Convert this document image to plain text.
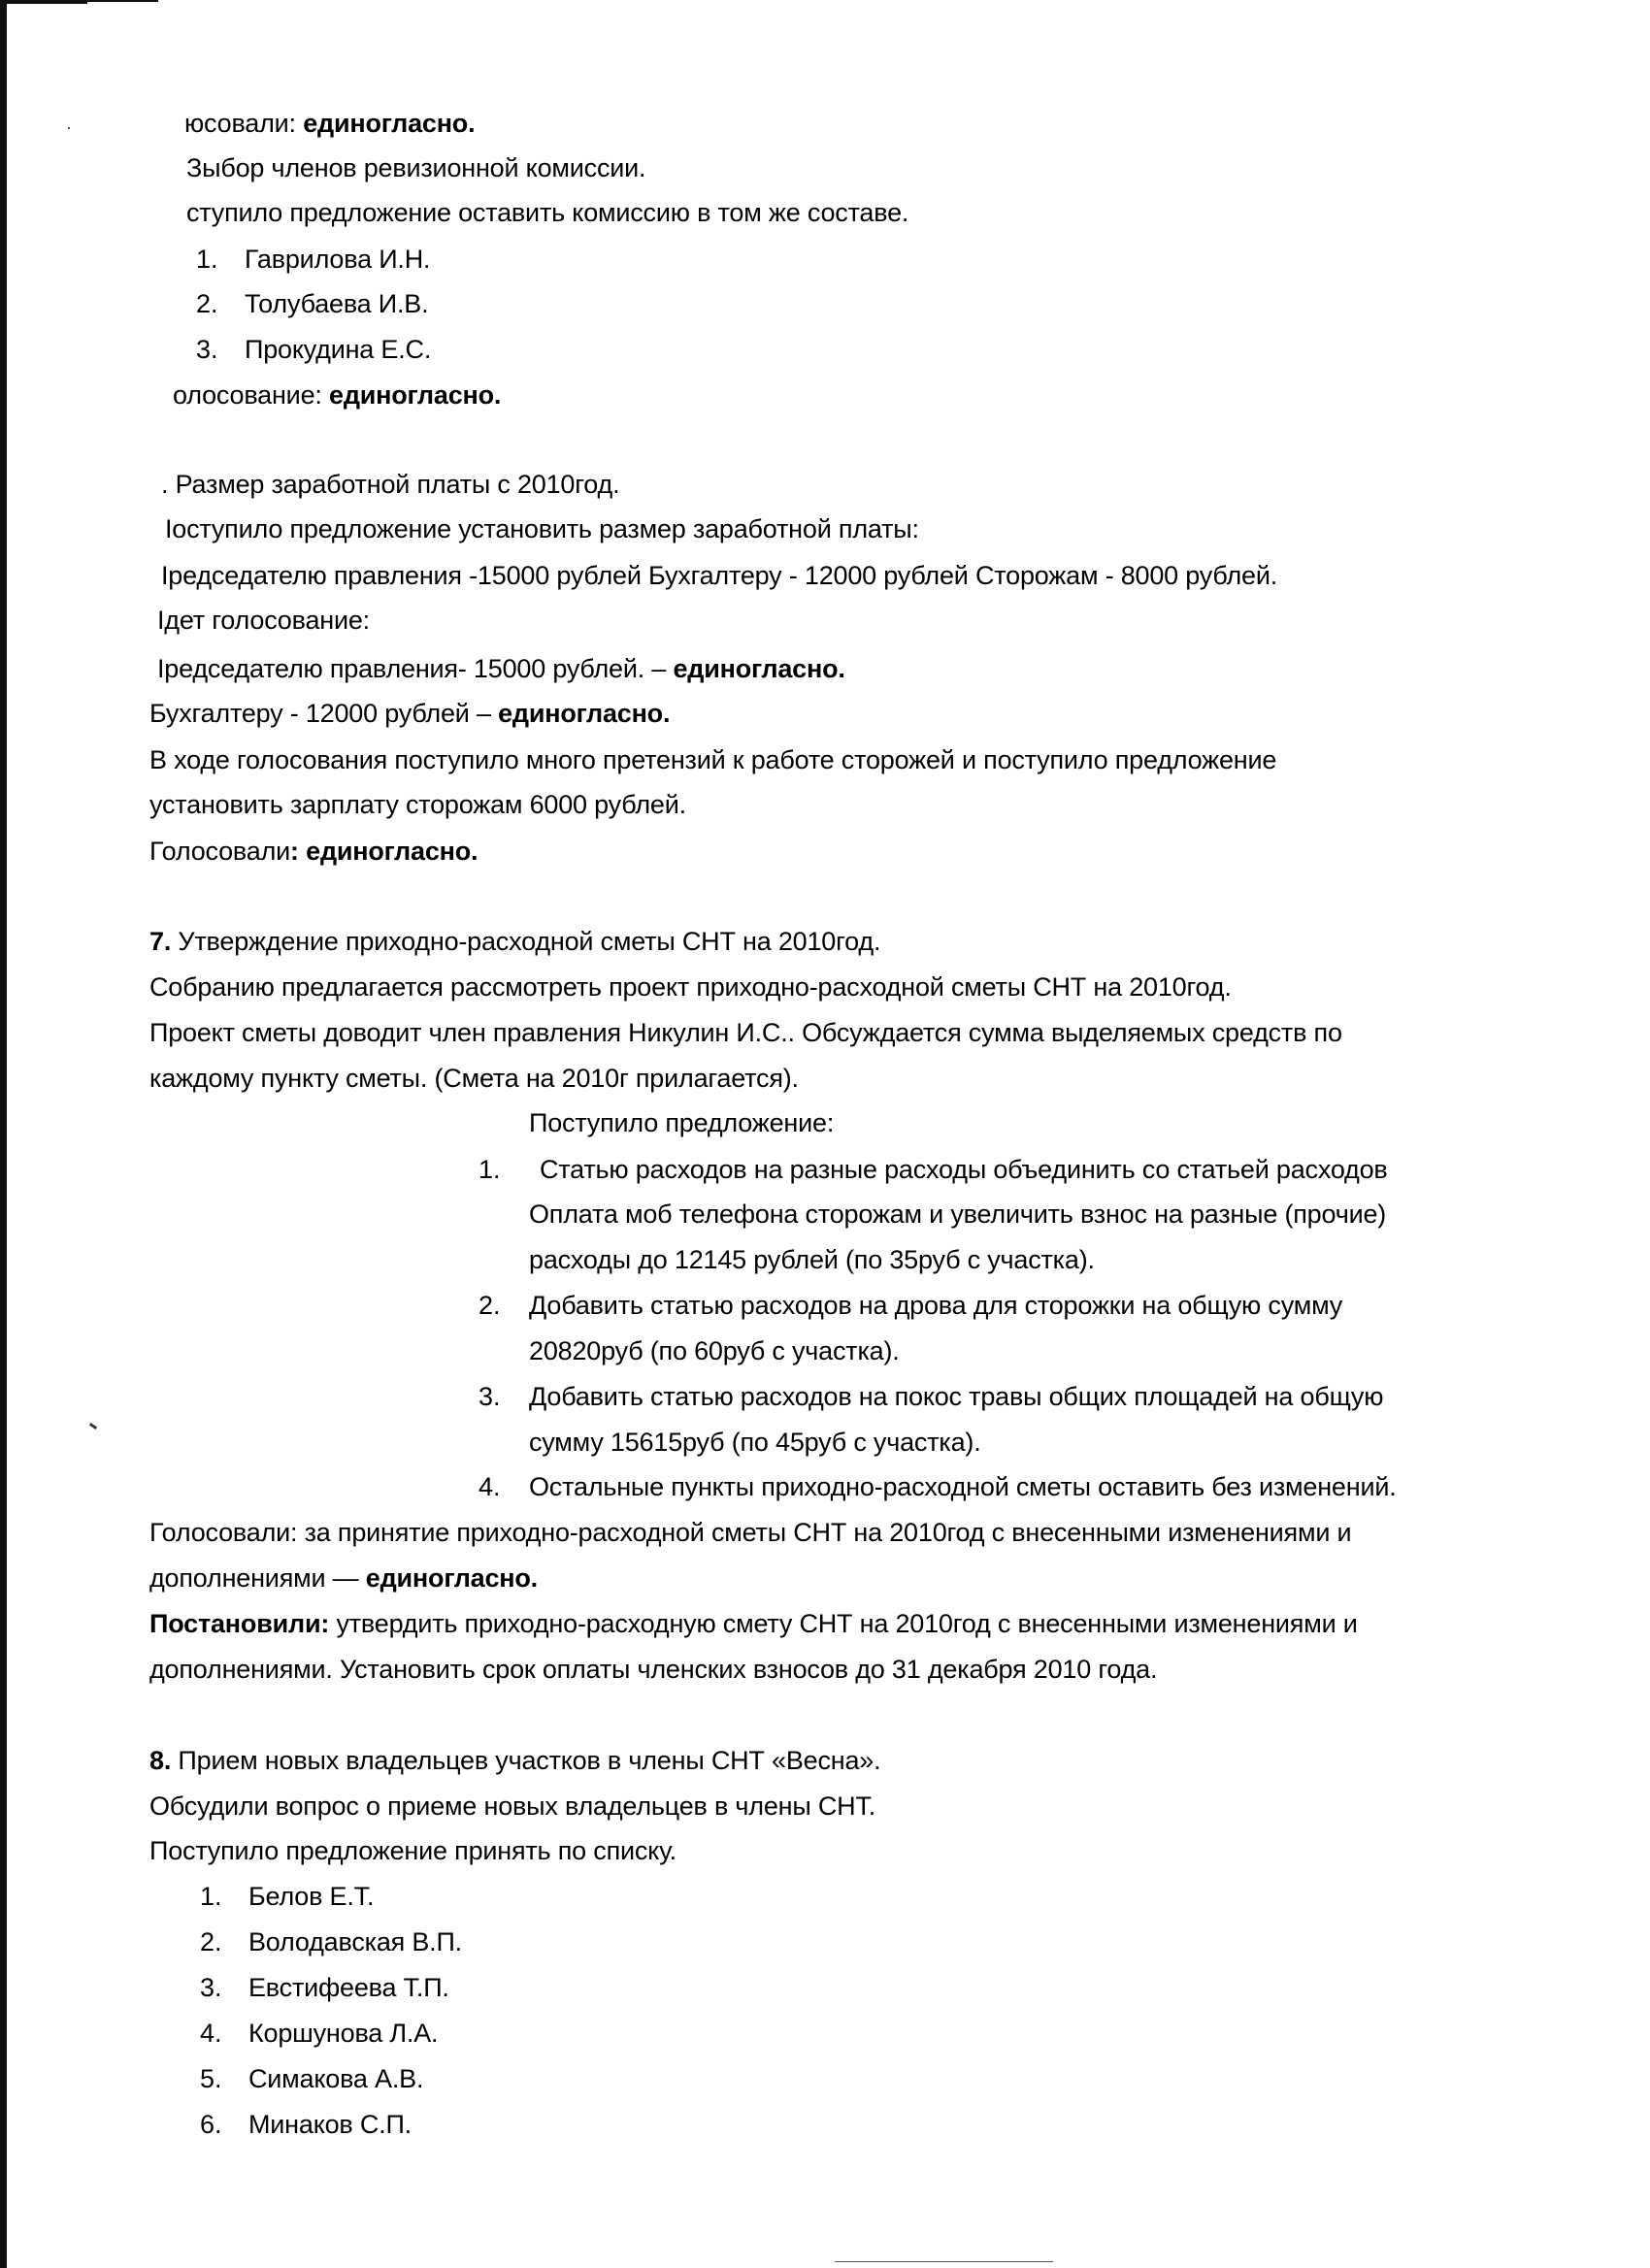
юсовали: единогласно.
Зыбор членов ревизионной комиссии.
ступило предложение оставить комиссию в том же составе.
1. Гаврилова И.Н.
2. Толубаева И.В.
3. Прокудина Е.С.
олосование: единогласно.
. Размер заработной платы с 2010год.
Іоступило предложение установить размер заработной платы:
Іредседателю правления -15000 рублей Бухгалтеру - 12000 рублей Сторожам - 8000 рублей.
Ідет голосование:
Іредседателю правления- 15000 рублей. – единогласно.
Бухгалтеру - 12000 рублей – единогласно.
В ходе голосования поступило много претензий к работе сторожей и поступило предложение
установить зарплату сторожам 6000 рублей.
Голосовали: единогласно.
7. Утверждение приходно-расходной сметы СНТ на 2010год.
Собранию предлагается рассмотреть проект приходно-расходной сметы СНТ на 2010год.
Проект сметы доводит член правления Никулин И.С.. Обсуждается сумма выделяемых средств по
каждому пункту сметы. (Смета на 2010г прилагается).
Поступило предложение:
1. Статью расходов на разные расходы объединить со статьей расходов
Оплата моб телефона сторожам и увеличить взнос на разные (прочие)
расходы до 12145 рублей (по 35руб с участка).
2. Добавить статью расходов на дрова для сторожки на общую сумму
20820руб (по 60руб с участка).
3. Добавить статью расходов на покос травы общих площадей на общую
сумму 15615руб (по 45руб с участка).
4. Остальные пункты приходно-расходной сметы оставить без изменений.
Голосовали: за принятие приходно-расходной сметы СНТ на 2010год с внесенными изменениями и
дополнениями — единогласно.
Постановили: утвердить приходно-расходную смету СНТ на 2010год с внесенными изменениями и
дополнениями. Установить срок оплаты членских взносов до 31 декабря 2010 года.
8. Прием новых владельцев участков в члены СНТ «Весна».
Обсудили вопрос о приеме новых владельцев в члены СНТ.
Поступило предложение принять по списку.
1. Белов Е.Т.
2. Володавская В.П.
3. Евстифеева Т.П.
4. Коршунова Л.А.
5. Симакова А.В.
6. Минаков С.П.
